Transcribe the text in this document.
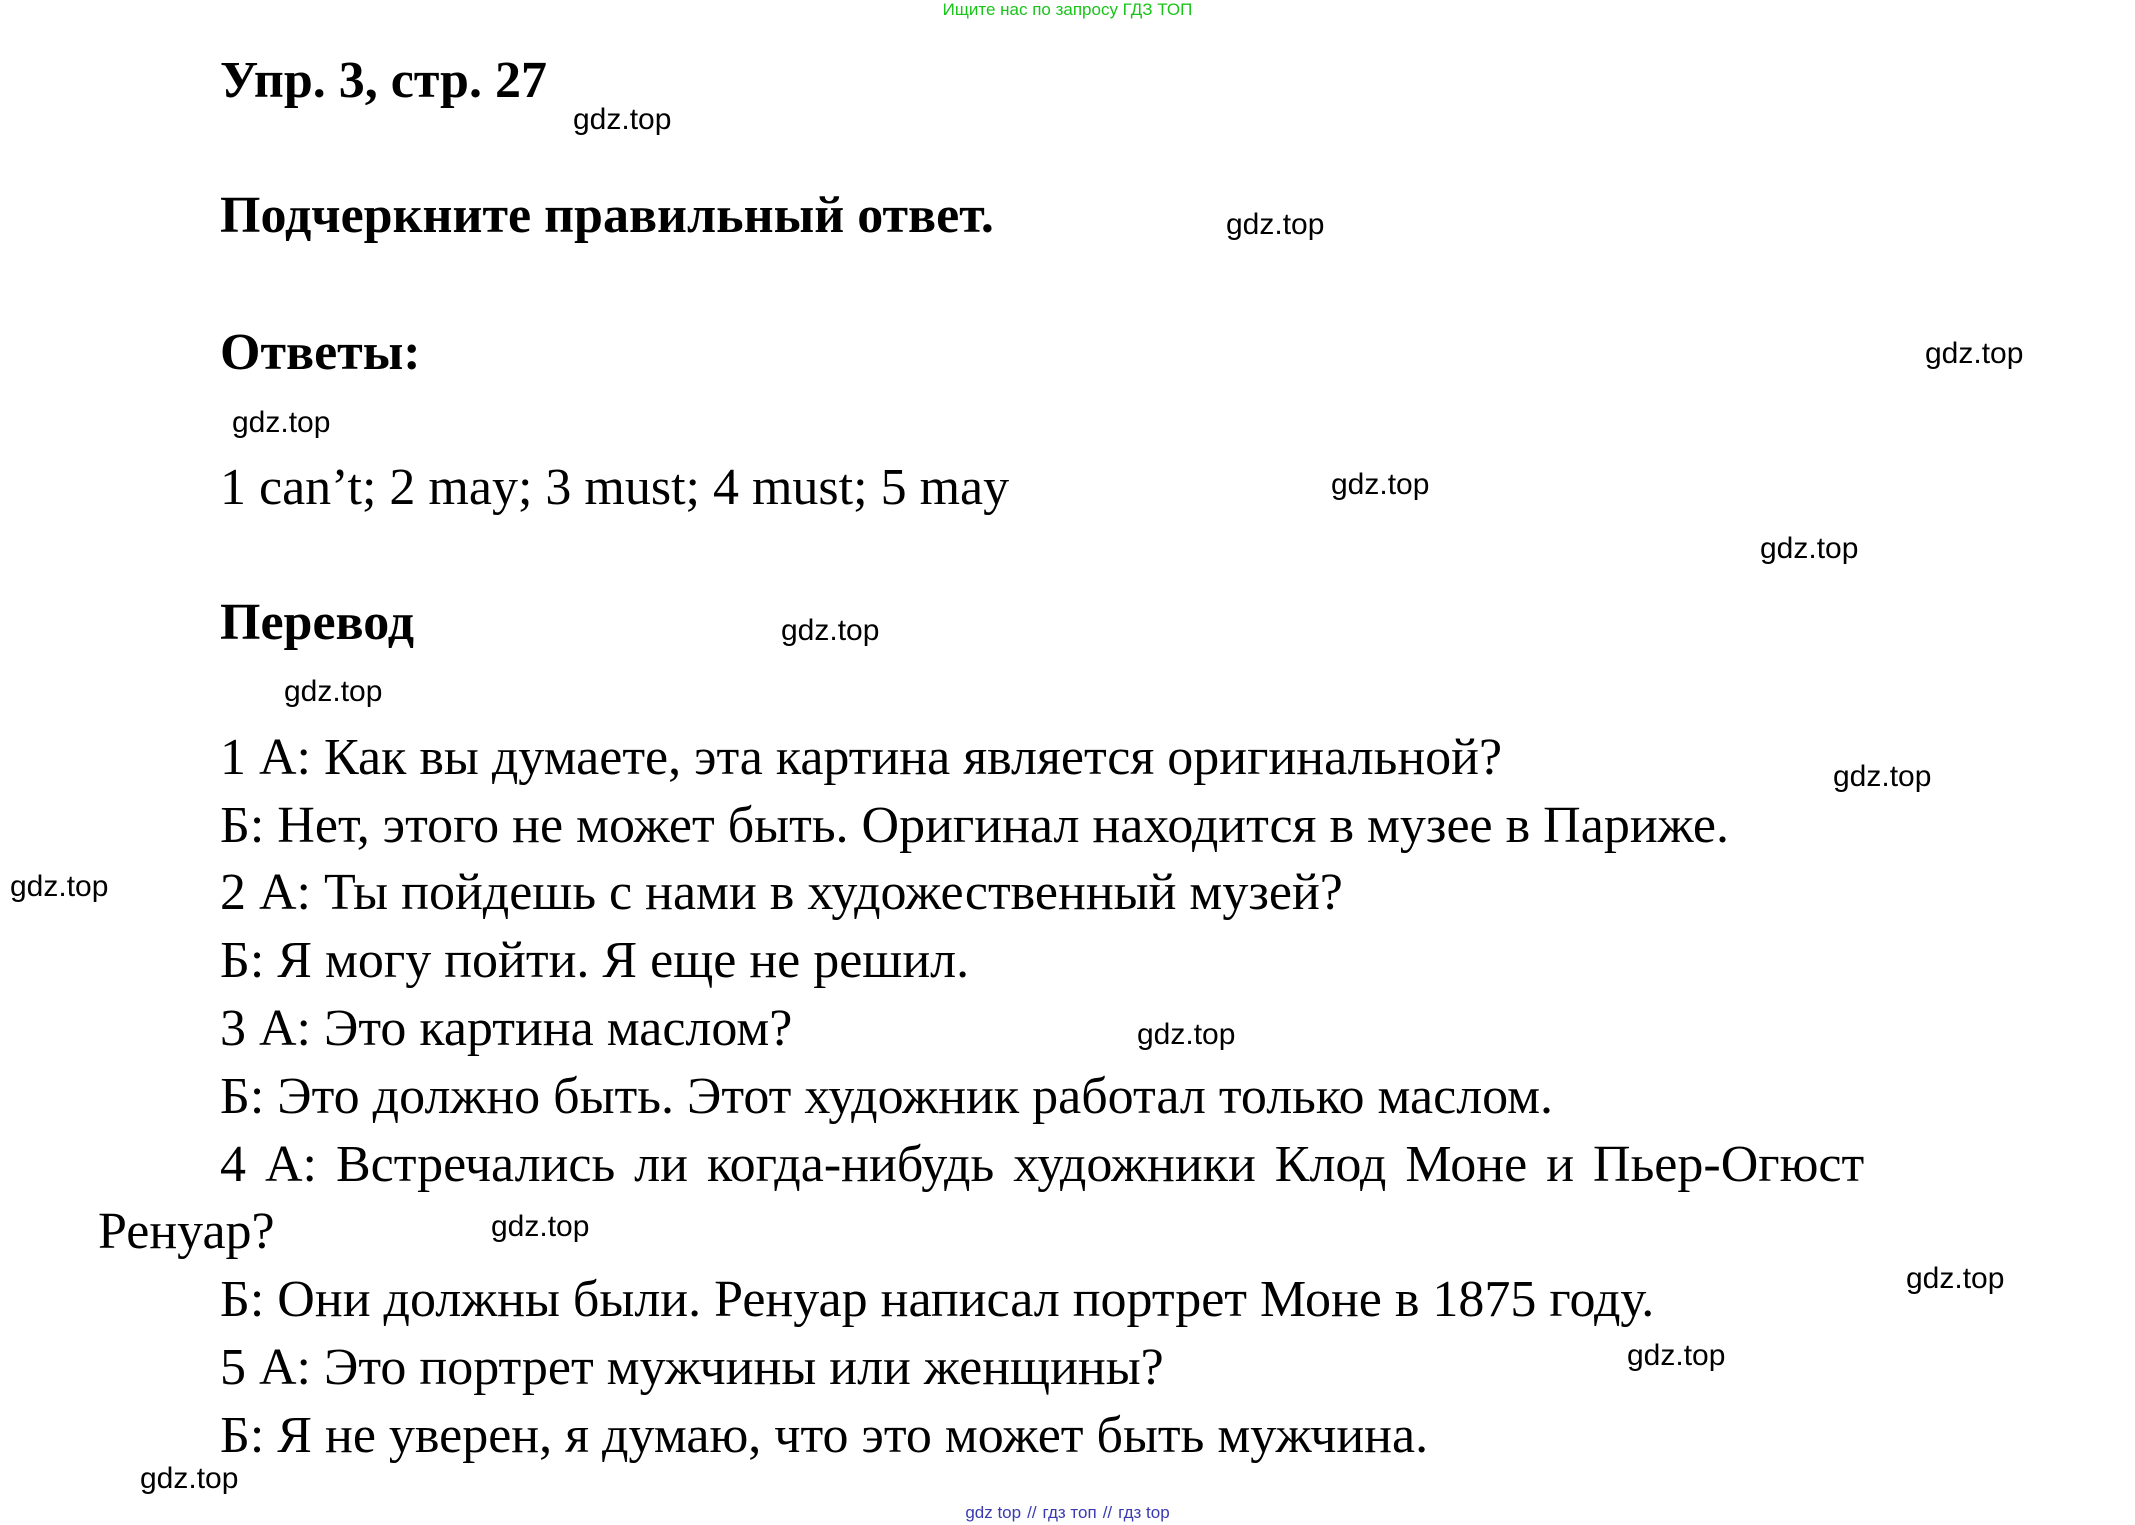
Ищите нас по запросу ГДЗ ТОП
Упр. 3, стр. 27
Подчеркните правильный ответ.
Ответы:
1 can’t; 2 may; 3 must; 4 must; 5 may
Перевод
1 А: Как вы думаете, эта картина является оригинальной?
Б: Нет, этого не может быть. Оригинал находится в музее в Париже.
2 А: Ты пойдешь с нами в художественный музей?
Б: Я могу пойти. Я еще не решил.
3 А: Это картина маслом?
Б: Это должно быть. Этот художник работал только маслом.
4 А: Встречались ли когда-нибудь художники Клод Моне и Пьер-Огюст
Ренуар?
Б: Они должны были. Ренуар написал портрет Моне в 1875 году.
5 А: Это портрет мужчины или женщины?
Б: Я не уверен, я думаю, что это может быть мужчина.
gdz.top
gdz.top
gdz.top
gdz.top
gdz.top
gdz.top
gdz.top
gdz.top
gdz.top
gdz.top
gdz.top
gdz.top
gdz.top
gdz.top
gdz.top
gdz top // гдз топ // гдз top
